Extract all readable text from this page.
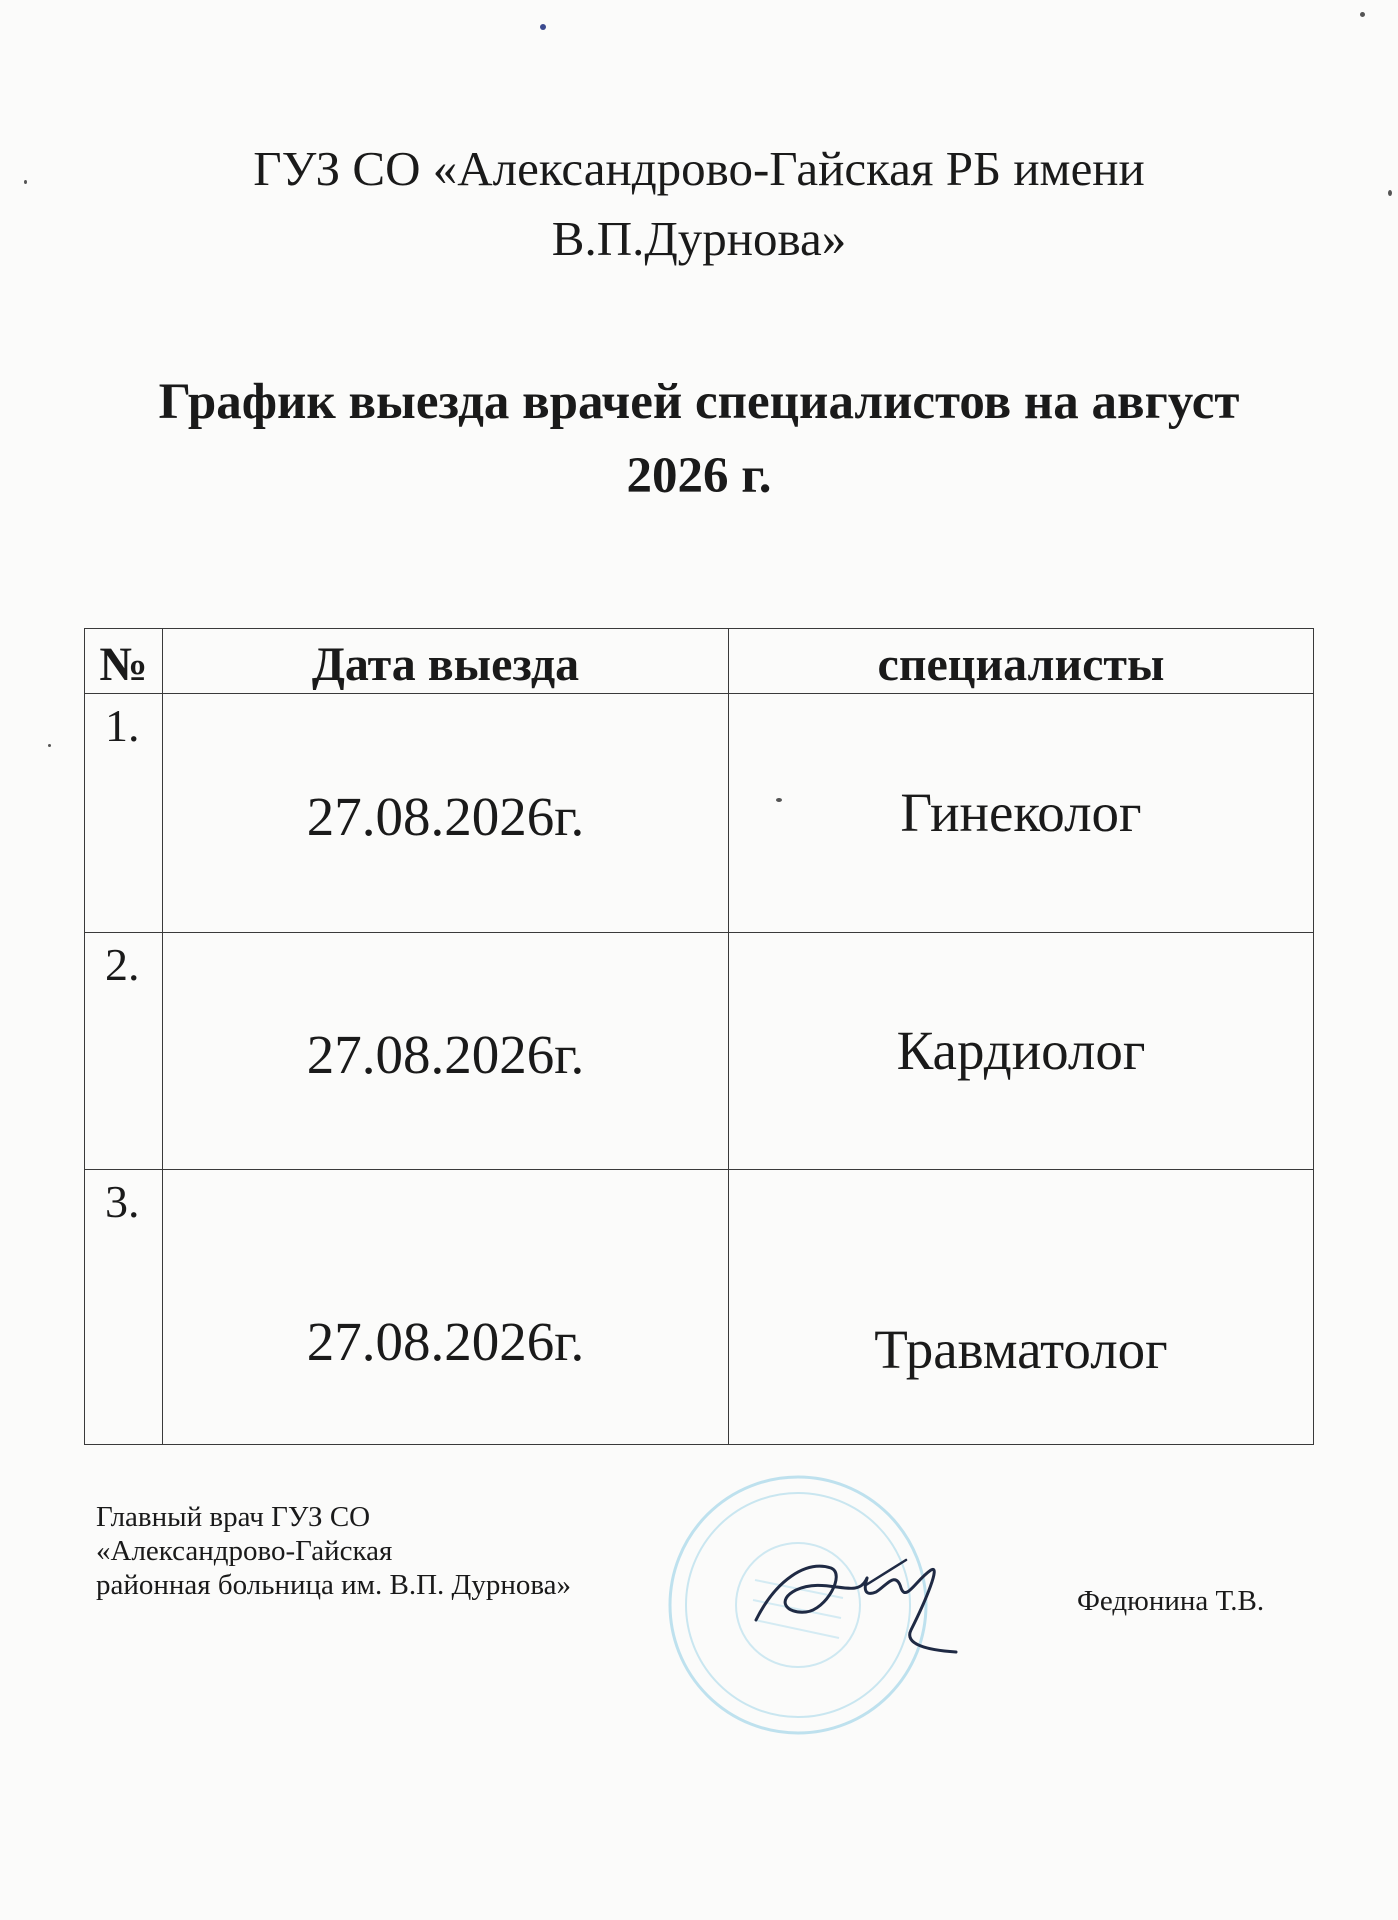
ГУЗ СО «Александрово-Гайская РБ имени
В.П.Дурнова»
График выезда врачей специалистов на август
2026 г.
№	Дата выезда	специалисты
1.	27.08.2026г.	Гинеколог
2.	27.08.2026г.	Кардиолог
3.	27.08.2026г.	Травматолог
Главный врач ГУЗ СО
«Александрово-Гайская
районная больница им. В.П. Дурнова»	Федюнина Т.В.
